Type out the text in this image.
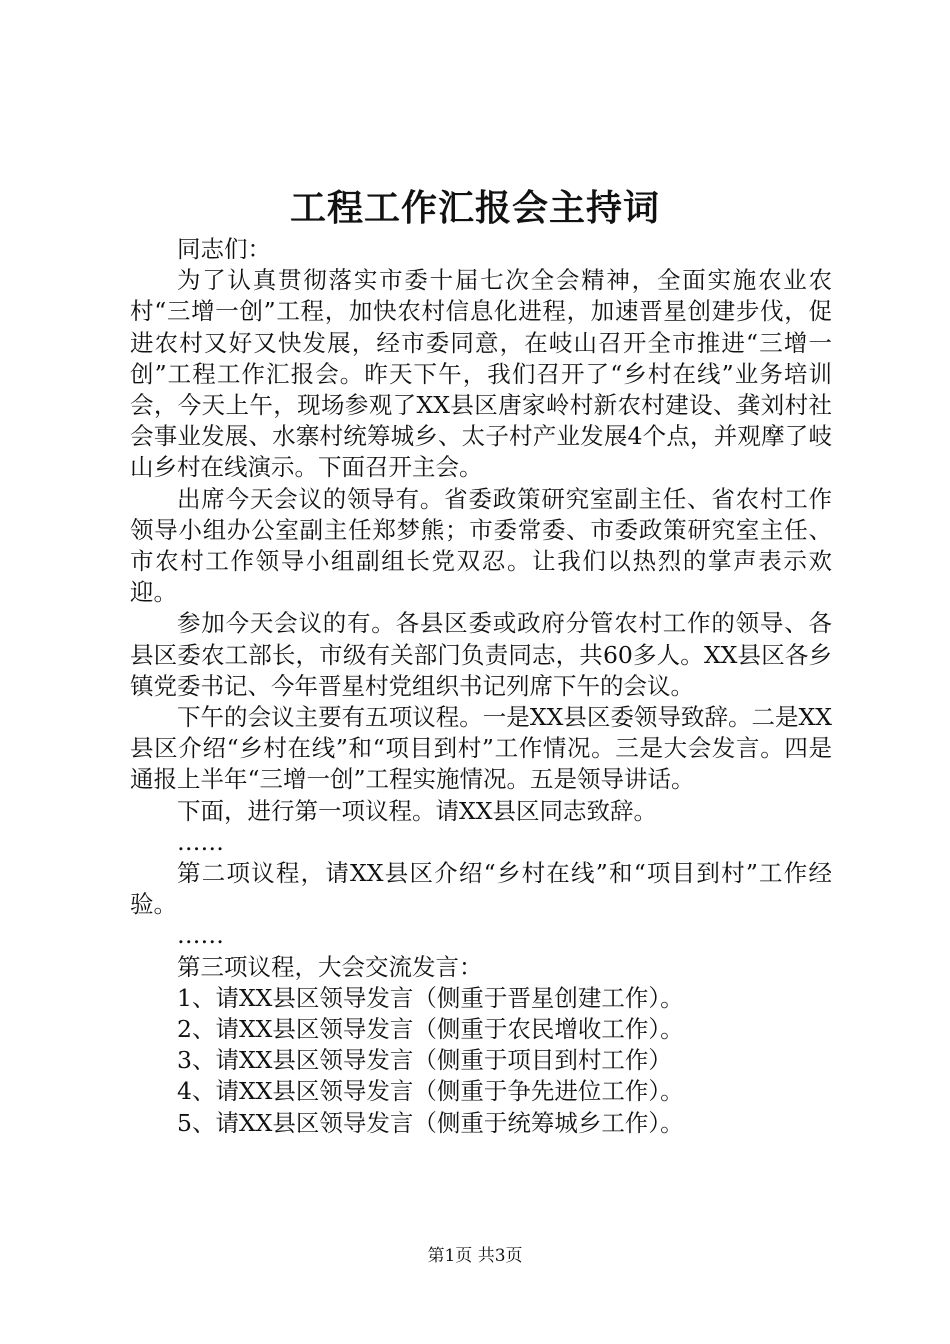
工程工作汇报会主持词

同志们：

为了认真贯彻落实市委十届七次全会精神，全面实施农业农村“三增一创”工程，加快农村信息化进程，加速晋星创建步伐，促进农村又好又快发展，经市委同意，在岐山召开全市推进“三增一创”工程工作汇报会。昨天下午，我们召开了“乡村在线”业务培训会，今天上午，现场参观了XX县区唐家岭村新农村建设、龚刘村社会事业发展、水寨村统筹城乡、太子村产业发展4个点，并观摩了岐山乡村在线演示。下面召开主会。

出席今天会议的领导有。省委政策研究室副主任、省农村工作领导小组办公室副主任郑梦熊；市委常委、市委政策研究室主任、市农村工作领导小组副组长党双忍。让我们以热烈的掌声表示欢迎。

参加今天会议的有。各县区委或政府分管农村工作的领导、各县区委农工部长，市级有关部门负责同志，共60多人。XX县区各乡镇党委书记、今年晋星村党组织书记列席下午的会议。

下午的会议主要有五项议程。一是XX县区委领导致辞。二是XX县区介绍“乡村在线”和“项目到村”工作情况。三是大会发言。四是通报上半年“三增一创”工程实施情况。五是领导讲话。

下面，进行第一项议程。请XX县区同志致辞。

……

第二项议程，请XX县区介绍“乡村在线”和“项目到村”工作经验。

……

第三项议程，大会交流发言：

1、请XX县区领导发言（侧重于晋星创建工作）。

2、请XX县区领导发言（侧重于农民增收工作）。

3、请XX县区领导发言（侧重于项目到村工作）

4、请XX县区领导发言（侧重于争先进位工作）。

5、请XX县区领导发言（侧重于统筹城乡工作）。

第1页 共3页
